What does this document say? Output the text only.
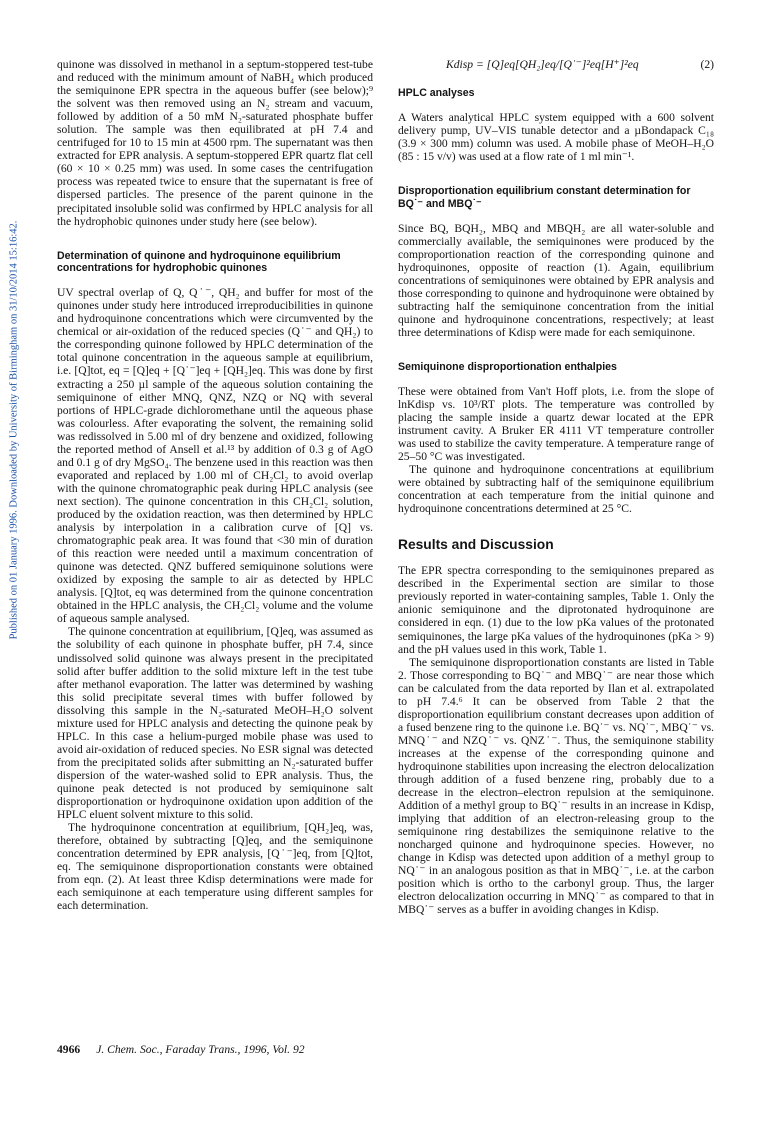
Published on 01 January 1996. Downloaded by University of Birmingham on 31/10/2014 15:16:42.

quinone was dissolved in methanol in a septum-stoppered test-tube and reduced with the minimum amount of NaBH₄ which produced the semiquinone EPR spectra in the aqueous buffer (see below);⁹ the solvent was then removed using an N₂ stream and vacuum, followed by addition of a 50 mM N₂-saturated phosphate buffer solution. The sample was then equilibrated at pH 7.4 and centrifuged for 10 to 15 min at 4500 rpm. The supernatant was then extracted for EPR analysis. A septum-stoppered EPR quartz flat cell (60 × 10 × 0.25 mm) was used. In some cases the centrifugation process was repeated twice to ensure that the supernatant is free of dispersed particles. The presence of the parent quinone in the precipitated insoluble solid was confirmed by HPLC analysis for all the hydrophobic quinones under study here (see below).

Determination of quinone and hydroquinone equilibrium concentrations for hydrophobic quinones

UV spectral overlap of Q, Q˙⁻, QH₂ and buffer for most of the quinones under study here introduced irreproducibilities in quinone and hydroquinone concentrations which were circumvented by the chemical or air-oxidation of the reduced species (Q˙⁻ and QH₂) to the corresponding quinone followed by HPLC determination of the total quinone concentration in the aqueous sample at equilibrium, i.e. [Q]tot, eq = [Q]eq + [Q˙⁻]eq + [QH₂]eq. This was done by first extracting a 250 µl sample of the aqueous solution containing the semiquinone of either MNQ, QNZ, NZQ or NQ with several portions of HPLC-grade dichloromethane until the aqueous phase was colourless. After evaporating the solvent, the remaining solid was redissolved in 5.00 ml of dry benzene and oxidized, following the reported method of Ansell et al.¹³ by addition of 0.3 g of AgO and 0.1 g of dry MgSO₄. The benzene used in this reaction was then evaporated and replaced by 1.00 ml of CH₂Cl₂ to avoid overlap with the quinone chromatographic peak during HPLC analysis (see next section). The quinone concentration in this CH₂Cl₂ solution, produced by the oxidation reaction, was then determined by HPLC analysis by interpolation in a calibration curve of [Q] vs. chromatographic peak area. It was found that <30 min of duration of this reaction were needed until a maximum concentration of quinone was detected. QNZ buffered semiquinone solutions were oxidized by exposing the sample to air as detected by HPLC analysis. [Q]tot, eq was determined from the quinone concentration obtained in the HPLC analysis, the CH₂Cl₂ volume and the volume of aqueous sample analysed.

The quinone concentration at equilibrium, [Q]eq, was assumed as the solubility of each quinone in phosphate buffer, pH 7.4, since undissolved solid quinone was always present in the precipitated solid after buffer addition to the solid mixture left in the test tube after methanol evaporation. The latter was determined by washing this solid precipitate several times with buffer followed by dissolving this sample in the N₂-saturated MeOH–H₂O solvent mixture used for HPLC analysis and detecting the quinone peak by HPLC. In this case a helium-purged mobile phase was used to avoid air-oxidation of reduced species. No ESR signal was detected from the precipitated solids after submitting an N₂-saturated buffer dispersion of the water-washed solid to EPR analysis. Thus, the quinone peak detected is not produced by semiquinone salt disproportionation or hydroquinone oxidation upon addition of the HPLC eluent solvent mixture to this solid.

The hydroquinone concentration at equilibrium, [QH₂]eq, was, therefore, obtained by subtracting [Q]eq, and the semiquinone concentration determined by EPR analysis, [Q˙⁻]eq, from [Q]tot, eq. The semiquinone disproportionation constants were obtained from eqn. (2). At least three Kdisp determinations were made for each semiquinone at each temperature using different samples for each determination.

Kdisp = [Q]eq[QH₂]eq/[Q˙⁻]²eq[H⁺]²eq	(2)

HPLC analyses

A Waters analytical HPLC system equipped with a 600 solvent delivery pump, UV–VIS tunable detector and a µBondapack C₁₈ (3.9 × 300 mm) column was used. A mobile phase of MeOH–H₂O (85 : 15 v/v) was used at a flow rate of 1 ml min⁻¹.

Disproportionation equilibrium constant determination for BQ˙⁻ and MBQ˙⁻

Since BQ, BQH₂, MBQ and MBQH₂ are all water-soluble and commercially available, the semiquinones were produced by the comproportionation reaction of the corresponding quinone and hydroquinones, opposite of reaction (1). Again, equilibrium concentrations of semiquinones were obtained by EPR analysis and those corresponding to quinone and hydroquinone were obtained by subtracting half the semiquinone concentration from the initial quinone and hydroquinone concentrations, respectively; at least three determinations of Kdisp were made for each semiquinone.

Semiquinone disproportionation enthalpies

These were obtained from Van't Hoff plots, i.e. from the slope of lnKdisp vs. 10³/RT plots. The temperature was controlled by placing the sample inside a quartz dewar located at the EPR instrument cavity. A Bruker ER 4111 VT temperature controller was used to stabilize the cavity temperature. A temperature range of 25–50 °C was investigated.

The quinone and hydroquinone concentrations at equilibrium were obtained by subtracting half of the semiquinone equilibrium concentration at each temperature from the initial quinone and hydroquinone concentrations determined at 25 °C.

Results and Discussion

The EPR spectra corresponding to the semiquinones prepared as described in the Experimental section are similar to those previously reported in water-containing samples, Table 1. Only the anionic semiquinone and the diprotonated hydroquinone are considered in eqn. (1) due to the low pKa values of the protonated semiquinones, the large pKa values of the hydroquinones (pKa > 9) and the pH values used in this work, Table 1.

The semiquinone disproportionation constants are listed in Table 2. Those corresponding to BQ˙⁻ and MBQ˙⁻ are near those which can be calculated from the data reported by Ilan et al. extrapolated to pH 7.4.⁶ It can be observed from Table 2 that the disproportionation equilibrium constant decreases upon addition of a fused benzene ring to the quinone i.e. BQ˙⁻ vs. NQ˙⁻, MBQ˙⁻ vs. MNQ˙⁻ and NZQ˙⁻ vs. QNZ˙⁻. Thus, the semiquinone stability increases at the expense of the corresponding quinone and hydroquinone stabilities upon increasing the electron delocalization through addition of a fused benzene ring, probably due to a decrease in the electron–electron repulsion at the semiquinone. Addition of a methyl group to BQ˙⁻ results in an increase in Kdisp, implying that addition of an electron-releasing group to the semiquinone ring destabilizes the semiquinone relative to the noncharged quinone and hydroquinone species. However, no change in Kdisp was detected upon addition of a methyl group to NQ˙⁻ in an analogous position as that in MBQ˙⁻, i.e. at the carbon position which is ortho to the carbonyl group. Thus, the larger electron delocalization occurring in MNQ˙⁻ as compared to that in MBQ˙⁻ serves as a buffer in avoiding changes in Kdisp.

4966 J. Chem. Soc., Faraday Trans., 1996, Vol. 92
